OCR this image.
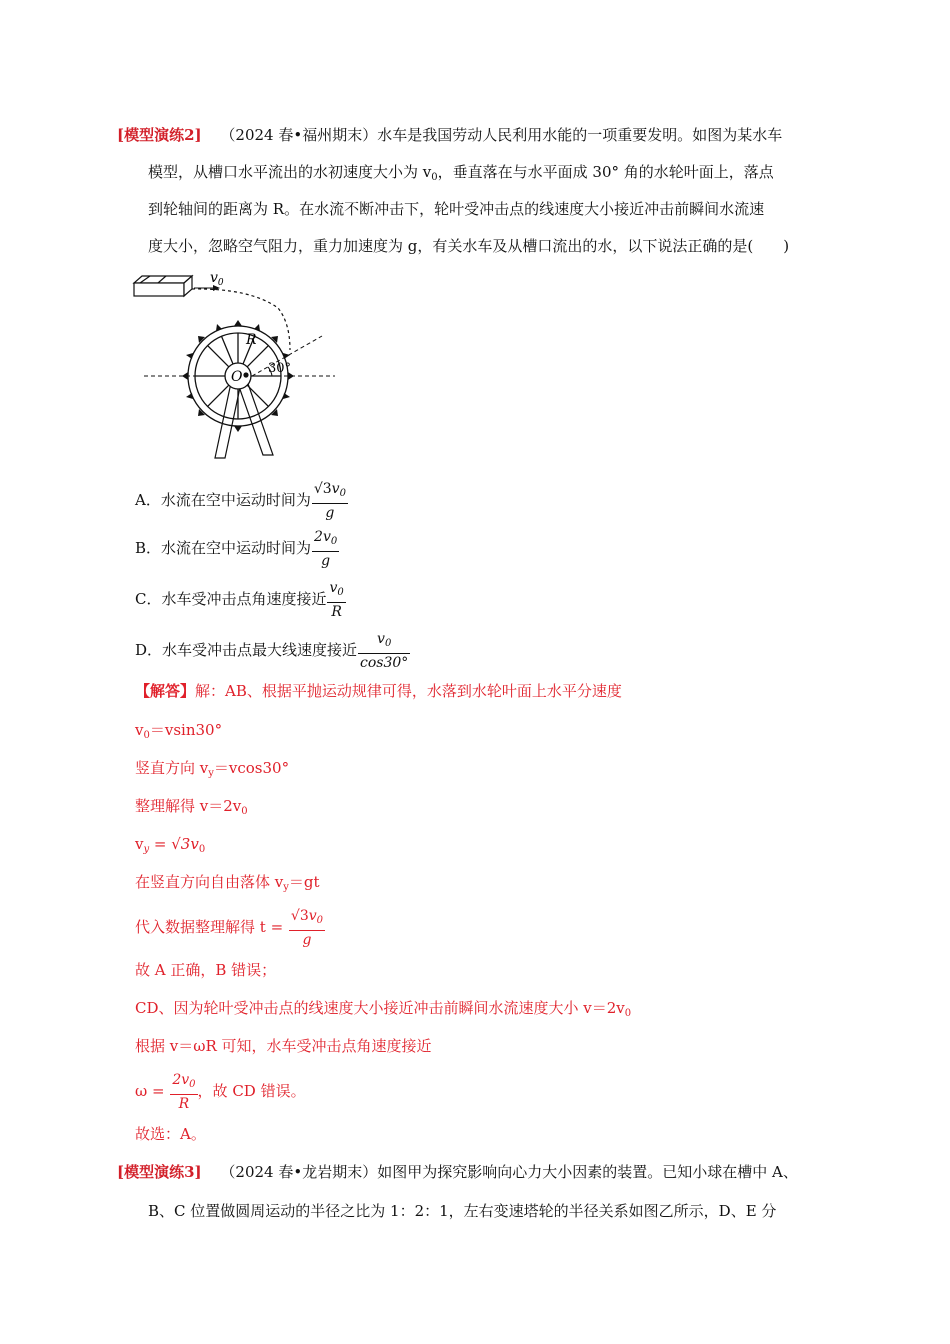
[模型演练2] （2024 春•福州期末）水车是我国劳动人民利用水能的一项重要发明。如图为某水车
模型，从槽口水平流出的水初速度大小为 $v_0$，垂直落在与水平面成 30° 角的水轮叶面上，落点
到轮轴间的距离为 R。在水流不断冲击下，轮叶受冲击点的线速度大小接近冲击前瞬间水流速
度大小，忽略空气阻力，重力加速度为 g，有关水车及从槽口流出的水，以下说法正确的是(　　)
$v_0$
R
O
30°
A．水流在空中运动时间为 $\frac{√3v_0}{g}$
B．水流在空中运动时间为 $\frac{2v_0}{g}$
C．水车受冲击点角速度接近 $\frac{v_0}{R}$
D．水车受冲击点最大线速度接近 $\frac{v_0}{\cos 30^\circ}$
【解答】解：AB、根据平抛运动规律可得，水落到水轮叶面上水平分速度
$v_0=vsin30^\circ$
竖直方向 $v_y=vcos30^\circ$
整理解得 $v=2v_0$
$v_y = √3v_0$
在竖直方向自由落体 $v_y=gt$
代入数据整理解得 $t = \frac{√3v_0}{g}$
故 A 正确，B 错误；
CD、因为轮叶受冲击点的线速度大小接近冲击前瞬间水流速度大小 $v=2v_0$
根据 v＝ωR 可知，水车受冲击点角速度接近
$\omega = \frac{2v_0}{R}$ ，故 CD 错误。
故选：A。
[模型演练3] （2024 春•龙岩期末）如图甲为探究影响向心力大小因素的装置。已知小球在槽中 A、
B、C 位置做圆周运动的半径之比为 1：2：1，左右变速塔轮的半径关系如图乙所示，D、E 分
